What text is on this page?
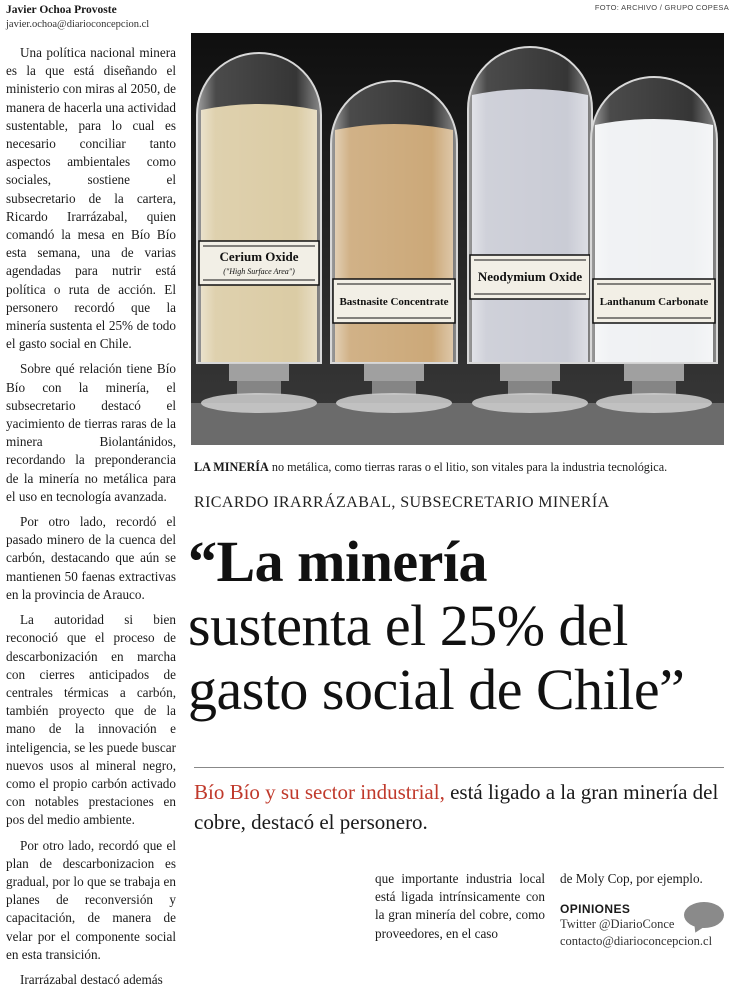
Javier Ochoa Provoste
javier.ochoa@diarioconcepcion.cl

Una política nacional minera es la que está diseñando el ministerio con miras al 2050, de manera de hacerla una actividad sustentable, para lo cual es necesario conciliar tanto aspectos ambientales como sociales, sostiene el subsecretario de la cartera, Ricardo Irarrázabal, quien comandó la mesa en Bío Bío esta semana, una de varias agendadas para nutrir está política o ruta de acción. El personero recordó que la minería sustenta el 25% de todo el gasto social en Chile.

Sobre qué relación tiene Bío Bío con la minería, el subsecretario destacó el yacimiento de tierras raras de la minera Biolantánidos, recordando la preponderancia de la minería no metálica para el uso en tecnología avanzada.

Por otro lado, recordó el pasado minero de la cuenca del carbón, destacando que aún se mantienen 50 faenas extractivas en la provincia de Arauco.

La autoridad si bien reconoció que el proceso de descarbonización en marcha con cierres anticipados de centrales térmicas a carbón, también proyecto que de la mano de la innovación e inteligencia, se les puede buscar nuevos usos al mineral negro, como el propio carbón activado con notables prestaciones en pos del medio ambiente.

Por otro lado, recordó que el plan de descarbonizacion es gradual, por lo que se trabaja en planes de reconversión y capacitación, de manera de velar por el componente social en esta transición.

Irarrázabal destacó además

FOTO: ARCHIVO / GRUPO COPESA
Cerium Oxide
("High Surface Area")
Bastnasite Concentrate
Neodymium Oxide
Lanthanum Carbonate
LA MINERÍA no metálica, como tierras raras o el litio, son vitales para la industria tecnológica.
RICARDO IRARRÁZABAL, SUBSECRETARIO MINERÍA
“La minería
sustenta el 25% del
gasto social de Chile”
Bío Bío y su sector industrial, está ligado a la gran minería del cobre, destacó el personero.

que importante industria local está ligada intrínsicamente con la gran minería del cobre, como proveedores, en el caso

de Moly Cop, por ejemplo.

OPINIONES
Twitter @DiarioConce
contacto@diarioconcepcion.cl
